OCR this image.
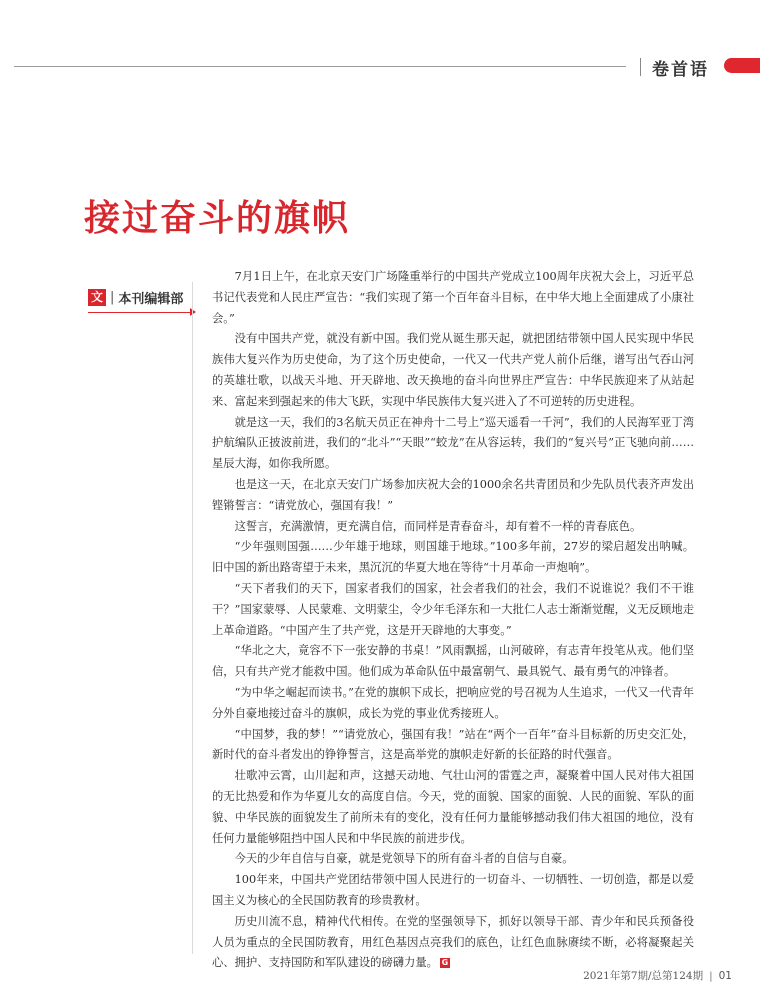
卷首语
接过奋斗的旗帜
文 | 本刊编辑部

7月1日上午，在北京天安门广场隆重举行的中国共产党成立100周年庆祝大会上，习近平总书记代表党和人民庄严宣告：“我们实现了第一个百年奋斗目标，在中华大地上全面建成了小康社会。”

没有中国共产党，就没有新中国。我们党从诞生那天起，就把团结带领中国人民实现中华民族伟大复兴作为历史使命，为了这个历史使命，一代又一代共产党人前仆后继，谱写出气吞山河的英雄壮歌，以战天斗地、开天辟地、改天换地的奋斗向世界庄严宣告：中华民族迎来了从站起来、富起来到强起来的伟大飞跃，实现中华民族伟大复兴进入了不可逆转的历史进程。

就是这一天，我们的3名航天员正在神舟十二号上“巡天遥看一千河”，我们的人民海军亚丁湾护航编队正披波前进，我们的“北斗”“天眼”“蛟龙”在从容运转，我们的“复兴号”正飞驰向前……星辰大海，如你我所愿。

也是这一天，在北京天安门广场参加庆祝大会的1000余名共青团员和少先队员代表齐声发出铿锵誓言：“请党放心，强国有我！”

这誓言，充满激情，更充满自信，而同样是青春奋斗，却有着不一样的青春底色。

“少年强则国强……少年雄于地球，则国雄于地球。”100多年前，27岁的梁启超发出呐喊。旧中国的新出路寄望于未来，黑沉沉的华夏大地在等待“十月革命一声炮响”。

“天下者我们的天下，国家者我们的国家，社会者我们的社会，我们不说谁说？我们不干谁干？”国家蒙辱、人民蒙难、文明蒙尘，令少年毛泽东和一大批仁人志士渐渐觉醒，义无反顾地走上革命道路。“中国产生了共产党，这是开天辟地的大事变。”

“华北之大，竟容不下一张安静的书桌！”风雨飘摇，山河破碎，有志青年投笔从戎。他们坚信，只有共产党才能救中国。他们成为革命队伍中最富朝气、最具锐气、最有勇气的冲锋者。

“为中华之崛起而读书。”在党的旗帜下成长，把响应党的号召视为人生追求，一代又一代青年分外自豪地接过奋斗的旗帜，成长为党的事业优秀接班人。

“中国梦，我的梦！”“请党放心，强国有我！”站在“两个一百年”奋斗目标新的历史交汇处，新时代的奋斗者发出的铮铮誓言，这是高举党的旗帜走好新的长征路的时代强音。

壮歌冲云霄，山川起和声，这撼天动地、气壮山河的雷霆之声，凝聚着中国人民对伟大祖国的无比热爱和作为华夏儿女的高度自信。今天，党的面貌、国家的面貌、人民的面貌、军队的面貌、中华民族的面貌发生了前所未有的变化，没有任何力量能够撼动我们伟大祖国的地位，没有任何力量能够阻挡中国人民和中华民族的前进步伐。

今天的少年自信与自豪，就是党领导下的所有奋斗者的自信与自豪。

100年来，中国共产党团结带领中国人民进行的一切奋斗、一切牺牲、一切创造，都是以爱国主义为核心的全民国防教育的珍贵教材。

历史川流不息，精神代代相传。在党的坚强领导下，抓好以领导干部、青少年和民兵预备役人员为重点的全民国防教育，用红色基因点亮我们的底色，让红色血脉赓续不断，必将凝聚起关心、拥护、支持国防和军队建设的磅礴力量。 G

2021年第7期/总第124期 | 01
